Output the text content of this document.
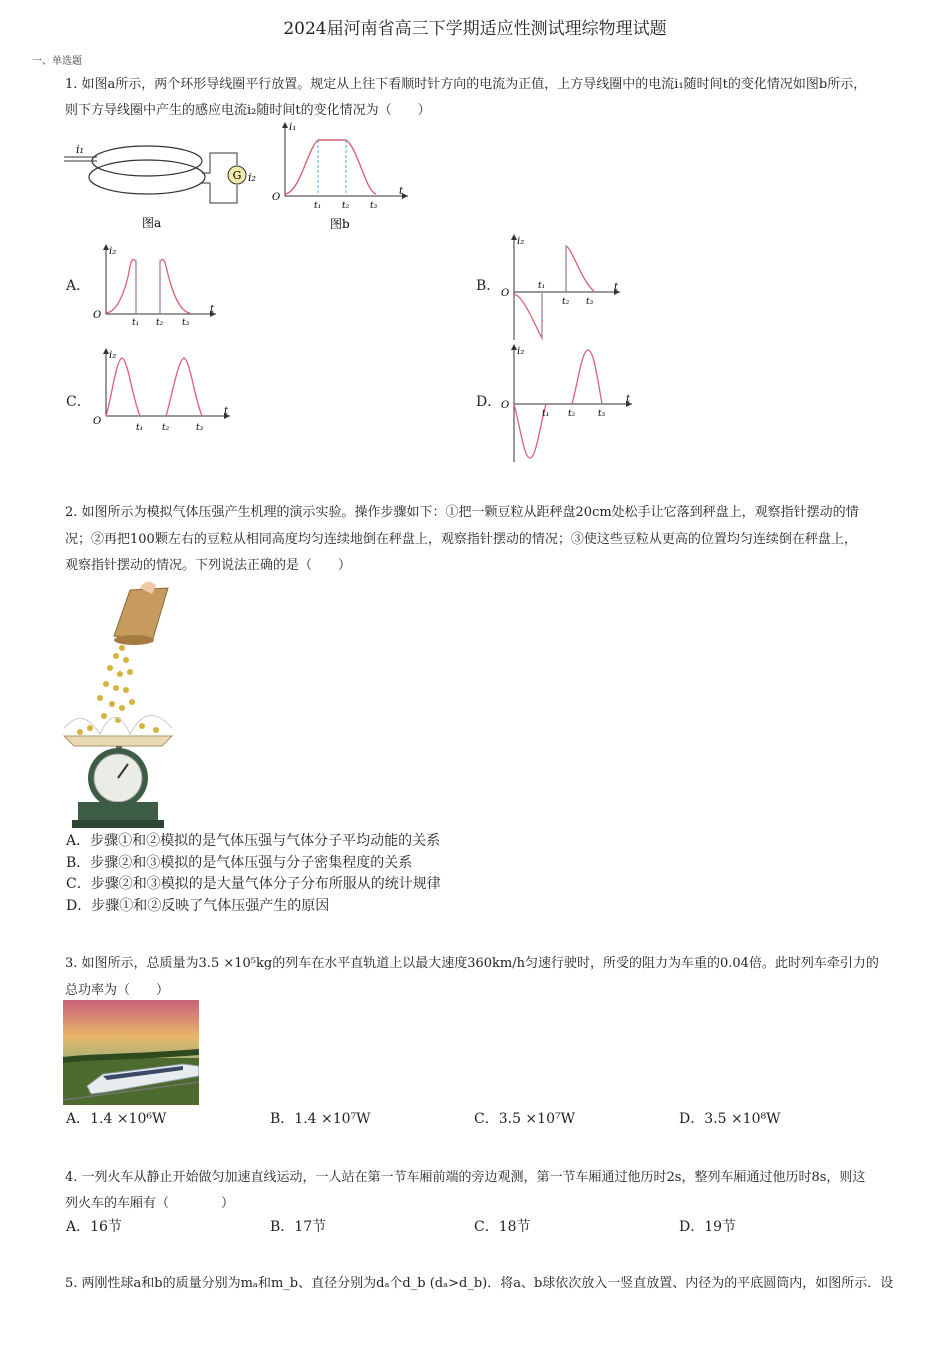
2024届河南省高三下学期适应性测试理综物理试题
一、单选题
1. 如图a所示，两个环形导线圈平行放置。规定从上往下看顺时针方向的电流为正值，上方导线圈中的电流i₁随时间t的变化情况如图b所示，
则下方导线圈中产生的感应电流i₂随时间t的变化情况为（　　）
G
i₁
i₂
图a
i₁
O
t
t₁ t₂ t₃
图b
A．
i₂
O
t
t₁ t₂ t₃
B．
i₂
O
t
t₁
t₂ t₃
C．
i₂
O
t
t₁ t₂	t₃
D．
i₂
O
t
t₁ t₂	t₃
2. 如图所示为模拟气体压强产生机理的演示实验。操作步骤如下：①把一颗豆粒从距秤盘20cm处松手让它落到秤盘上，观察指针摆动的情
况；②再把100颗左右的豆粒从相同高度均匀连续地倒在秤盘上，观察指针摆动的情况；③使这些豆粒从更高的位置均匀连续倒在秤盘上，
观察指针摆动的情况。下列说法正确的是（　　）
A．步骤①和②模拟的是气体压强与气体分子平均动能的关系
B．步骤②和③模拟的是气体压强与分子密集程度的关系
C．步骤②和③模拟的是大量气体分子分布所服从的统计规律
D．步骤①和②反映了气体压强产生的原因
3. 如图所示，总质量为3.5 ×10⁵kg的列车在水平直轨道上以最大速度360km/h匀速行驶时，所受的阻力为车重的0.04倍。此时列车牵引力的
总功率为（　　）
A．1.4 ×10⁶W	B．1.4 ×10⁷W	C．3.5 ×10⁷W	D．3.5 ×10⁸W
4. 一列火车从静止开始做匀加速直线运动，一人站在第一节车厢前端的旁边观测，第一节车厢通过他历时2s，整列车厢通过他历时8s，则这
列火车的车厢有（　　　　）
A．16节	B．17节	C．18节	D．19节
5. 两刚性球a和b的质量分别为mₐ和m_b、直径分别为dₐ个d_b (dₐ>d_b)．将a、b球依次放入一竖直放置、内径为的平底圆筒内，如图所示．设
